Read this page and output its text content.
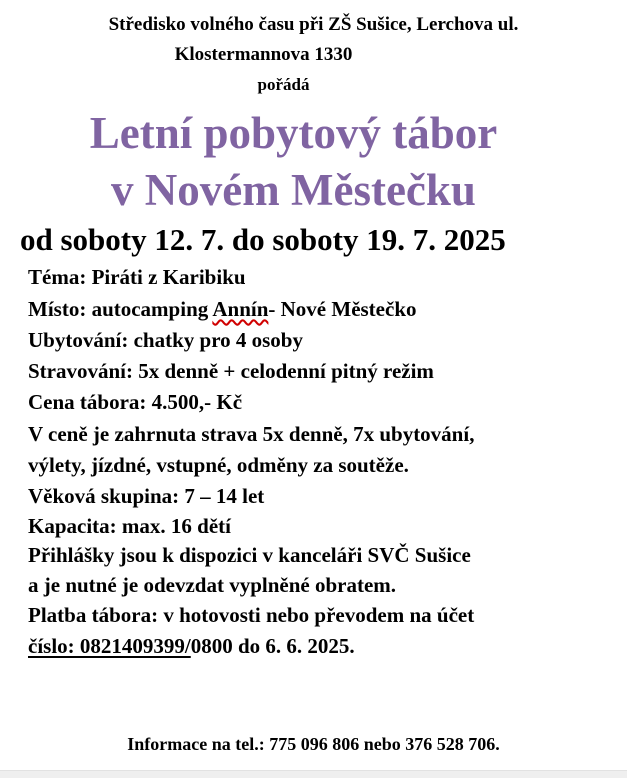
Středisko volného času při ZŠ Sušice, Lerchova ul.
Klostermannova 1330
pořádá
Letní pobytový tábor
v Novém Městečku
od soboty 12. 7. do soboty 19. 7. 2025
Téma: Piráti z Karibiku
Místo: autocamping Annín- Nové Městečko
Ubytování: chatky pro 4 osoby
Stravování: 5x denně + celodenní pitný režim
Cena tábora: 4.500,- Kč
V ceně je zahrnuta strava 5x denně, 7x ubytování,
výlety, jízdné, vstupné, odměny za soutěže.
Věková skupina: 7 – 14 let
Kapacita: max. 16 dětí
Přihlášky jsou k dispozici v kanceláři SVČ Sušice
a je nutné je odevzdat vyplněné obratem.
Platba tábora: v hotovosti nebo převodem na účet
číslo: 0821409399/0800 do 6. 6. 2025.
Informace na tel.: 775 096 806 nebo 376 528 706.
